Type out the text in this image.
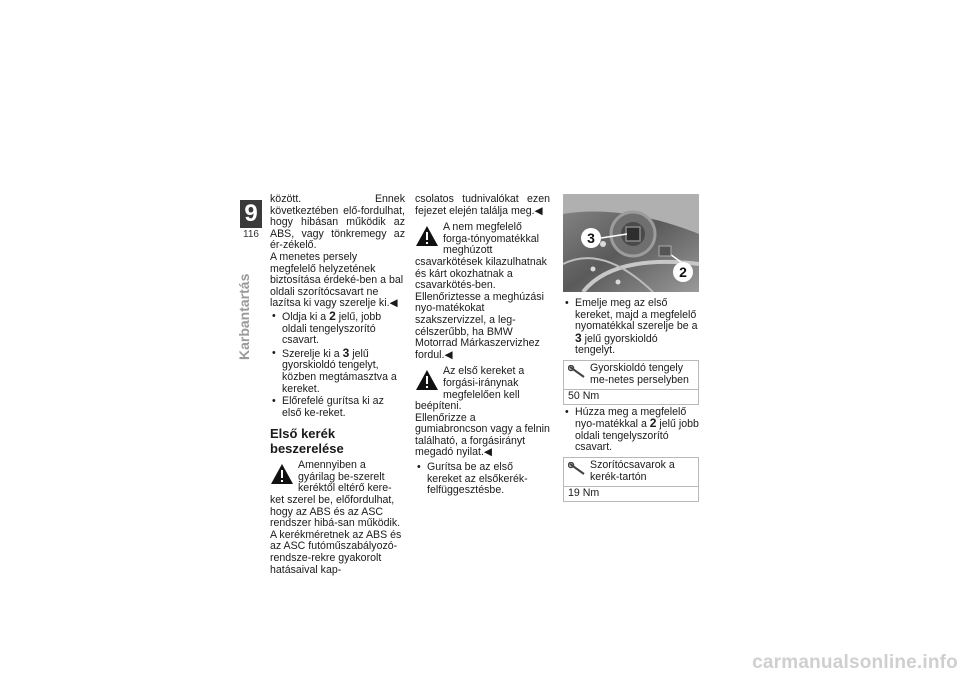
9
116
Karbantartás

között. Ennek következtében elő-fordulhat, hogy hibásan működik az ABS, vagy tönkremegy az ér-zékelő.

A menetes persely megfelelő helyzetének biztosítása érdeké-ben a bal oldali szorítócsavart ne lazítsa ki vagy szerelje ki.◀

• Oldja ki a 2 jelű, jobb oldali tengelyszorító csavart.
• Szerelje ki a 3 jelű gyorskioldó tengelyt, közben megtámasztva a kereket.
• Előrefelé gurítsa ki az első ke-reket.
Első kerék beszerelése
Amennyiben a gyárilag be-szerelt keréktől eltérő kere-ket szerel be, előfordulhat, hogy az ABS és az ASC rendszer hibá-san működik.

A kerékméretnek az ABS és az ASC futóműszabályozó-rendsze-rekre gyakorolt hatásaival kap-

csolatos tudnivalókat ezen fejezet elején találja meg.◀

A nem megfelelő forga-tónyomatékkal meghúzott csavarkötések kilazulhatnak és kárt okozhatnak a csavarkötés-ben.

Ellenőriztesse a meghúzási nyo-matékokat szakszervizzel, a leg-célszerűbb, ha BMW Motorrad Márkaszervizhez fordul.◀

Az első kereket a forgási-iránynak megfelelően kell beépíteni.

Ellenőrizze a gumiabroncson vagy a felnin található, a forgásirányt megadó nyilat.◀

• Gurítsa be az első kereket az elsőkerék-felfüggesztésbe.
3
2
• Emelje meg az első kereket, majd a megfelelő nyomatékkal szerelje be a 3 jelű gyorskioldó tengelyt.
Gyorskioldó tengely me-netes perselyben
50 Nm
• Húzza meg a megfelelő nyo-matékkal a 2 jelű jobb oldali tengelyszorító csavart.
Szorítócsavarok a kerék-tartón
19 Nm
carmanualsonline.info
